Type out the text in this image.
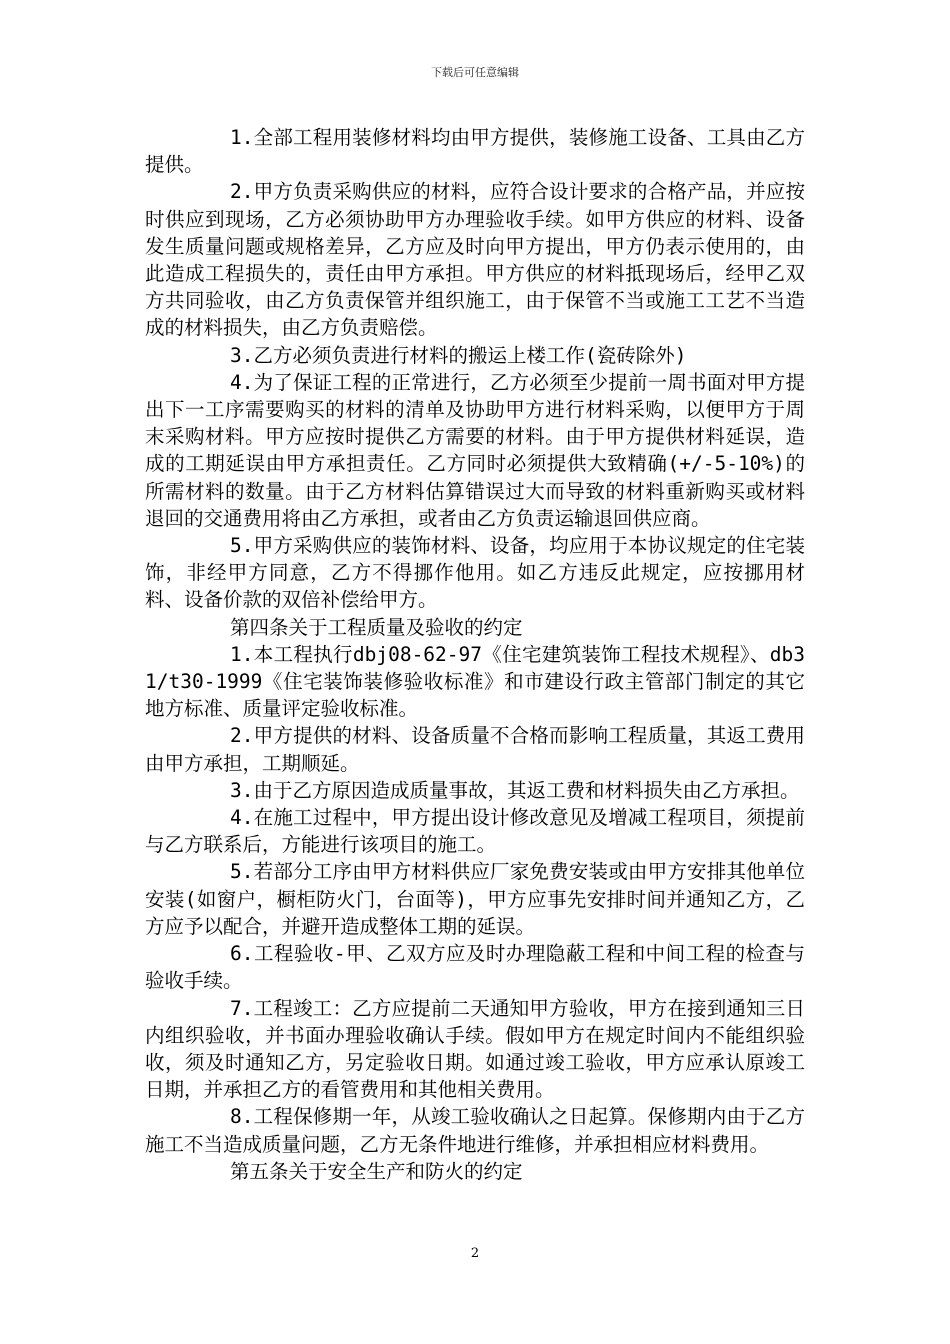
下载后可任意编辑

1.全部工程用装修材料均由甲方提供，装修施工设备、工具由乙方提供。

2.甲方负责采购供应的材料，应符合设计要求的合格产品，并应按时供应到现场，乙方必须协助甲方办理验收手续。如甲方供应的材料、设备发生质量问题或规格差异，乙方应及时向甲方提出，甲方仍表示使用的，由此造成工程损失的，责任由甲方承担。甲方供应的材料抵现场后，经甲乙双方共同验收，由乙方负责保管并组织施工，由于保管不当或施工工艺不当造成的材料损失，由乙方负责赔偿。

3.乙方必须负责进行材料的搬运上楼工作(瓷砖除外)

4.为了保证工程的正常进行，乙方必须至少提前一周书面对甲方提出下一工序需要购买的材料的清单及协助甲方进行材料采购，以便甲方于周末采购材料。甲方应按时提供乙方需要的材料。由于甲方提供材料延误，造成的工期延误由甲方承担责任。乙方同时必须提供大致精确(+/-5-10%)的所需材料的数量。由于乙方材料估算错误过大而导致的材料重新购买或材料退回的交通费用将由乙方承担，或者由乙方负责运输退回供应商。

5.甲方采购供应的装饰材料、设备，均应用于本协议规定的住宅装饰，非经甲方同意，乙方不得挪作他用。如乙方违反此规定，应按挪用材料、设备价款的双倍补偿给甲方。

第四条关于工程质量及验收的约定

1.本工程执行dbj08-62-97《住宅建筑装饰工程技术规程》、db31/t30-1999《住宅装饰装修验收标准》和市建设行政主管部门制定的其它地方标准、质量评定验收标准。

2.甲方提供的材料、设备质量不合格而影响工程质量，其返工费用由甲方承担，工期顺延。

3.由于乙方原因造成质量事故，其返工费和材料损失由乙方承担。

4.在施工过程中，甲方提出设计修改意见及增减工程项目，须提前与乙方联系后，方能进行该项目的施工。

5.若部分工序由甲方材料供应厂家免费安装或由甲方安排其他单位安装(如窗户，橱柜防火门，台面等)，甲方应事先安排时间并通知乙方，乙方应予以配合，并避开造成整体工期的延误。

6.工程验收-甲、乙双方应及时办理隐蔽工程和中间工程的检查与验收手续。

7.工程竣工：乙方应提前二天通知甲方验收，甲方在接到通知三日内组织验收，并书面办理验收确认手续。假如甲方在规定时间内不能组织验收，须及时通知乙方，另定验收日期。如通过竣工验收，甲方应承认原竣工日期，并承担乙方的看管费用和其他相关费用。

8.工程保修期一年，从竣工验收确认之日起算。保修期内由于乙方施工不当造成质量问题，乙方无条件地进行维修，并承担相应材料费用。

第五条关于安全生产和防火的约定

2
